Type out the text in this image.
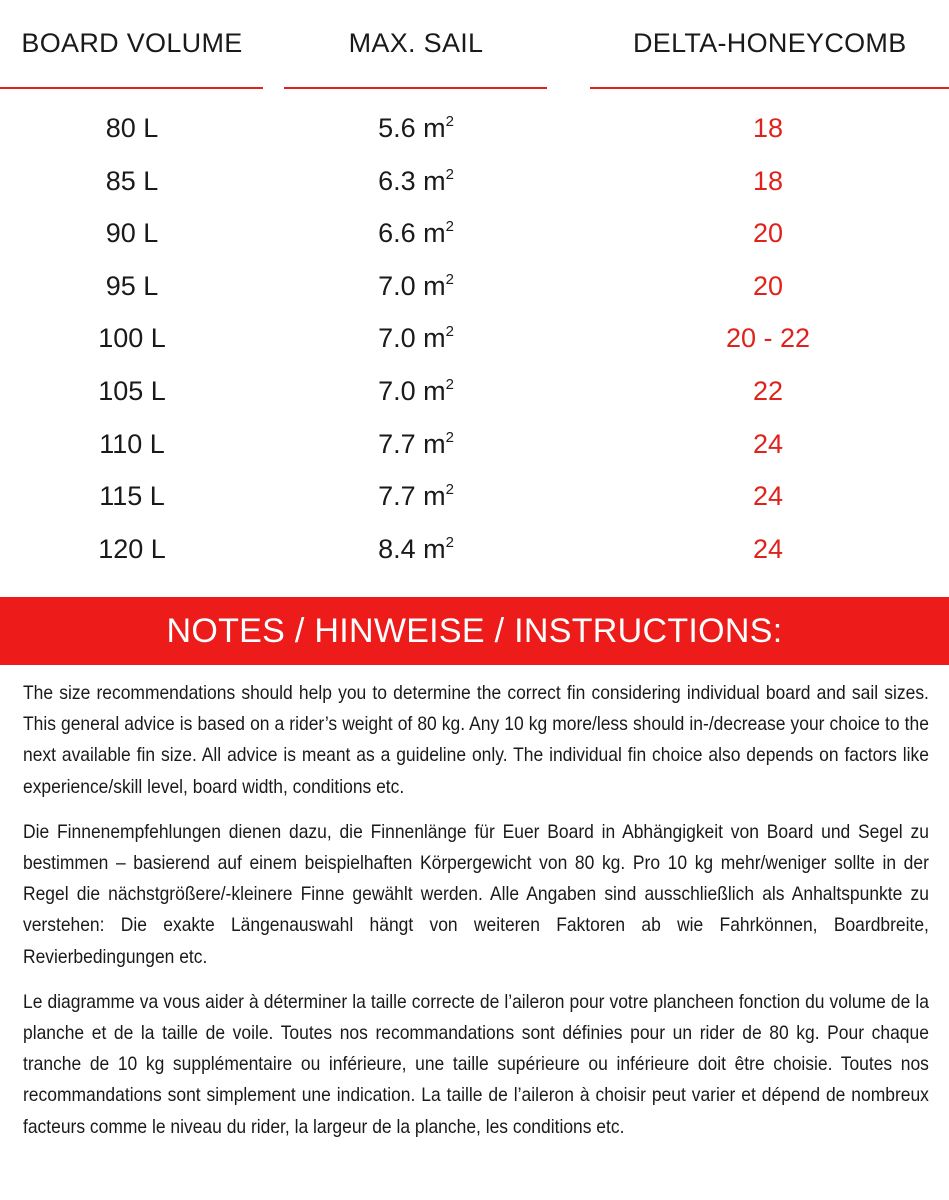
BOARD VOLUME	MAX. SAIL	DELTA-HONEYCOMB
80 L	5.6 $m^2$	18
85 L	6.3 $m^2$	18
90 L	6.6 $m^2$	20
95 L	7.0 $m^2$	20
100 L	7.0 $m^2$	20 - 22
105 L	7.0 $m^2$	22
110 L	7.7 $m^2$	24
115 L	7.7 $m^2$	24
120 L	8.4 $m^2$	24
NOTES / HINWEISE / INSTRUCTIONS:

The size recommendations should help you to determine the correct fin considering individual board and sail sizes. This general advice is based on a rider’s weight of 80 kg. Any 10 kg more/less should in-/decrease your choice to the next available fin size. All advice is meant as a guideline only. The individual fin choice also depends on factors like experience/skill level, board width, conditions etc.

Die Finnenempfehlungen dienen dazu, die Finnenlänge für Euer Board in Abhängigkeit von Board und Segel zu bestimmen – basierend auf einem beispielhaften Körpergewicht von 80 kg. Pro 10 kg mehr/weniger sollte in der Regel die nächstgrößere/-kleinere Finne gewählt werden. Alle Angaben sind ausschließlich als Anhaltspunkte zu verstehen: Die exakte Längenauswahl hängt von weiteren Faktoren ab wie Fahrkönnen, Boardbreite, Revierbedingungen etc.

Le diagramme va vous aider à déterminer la taille correcte de l’aileron pour votre plancheen fonction du volume de la planche et de la taille de voile. Toutes nos recommandations sont définies pour un rider de 80 kg. Pour chaque tranche de 10 kg supplémentaire ou inférieure, une taille supérieure ou inférieure doit être choisie. Toutes nos recommandations sont simplement une indication. La taille de l’aileron à choisir peut varier et dépend de nombreux facteurs comme le niveau du rider, la largeur de la planche, les conditions etc.
